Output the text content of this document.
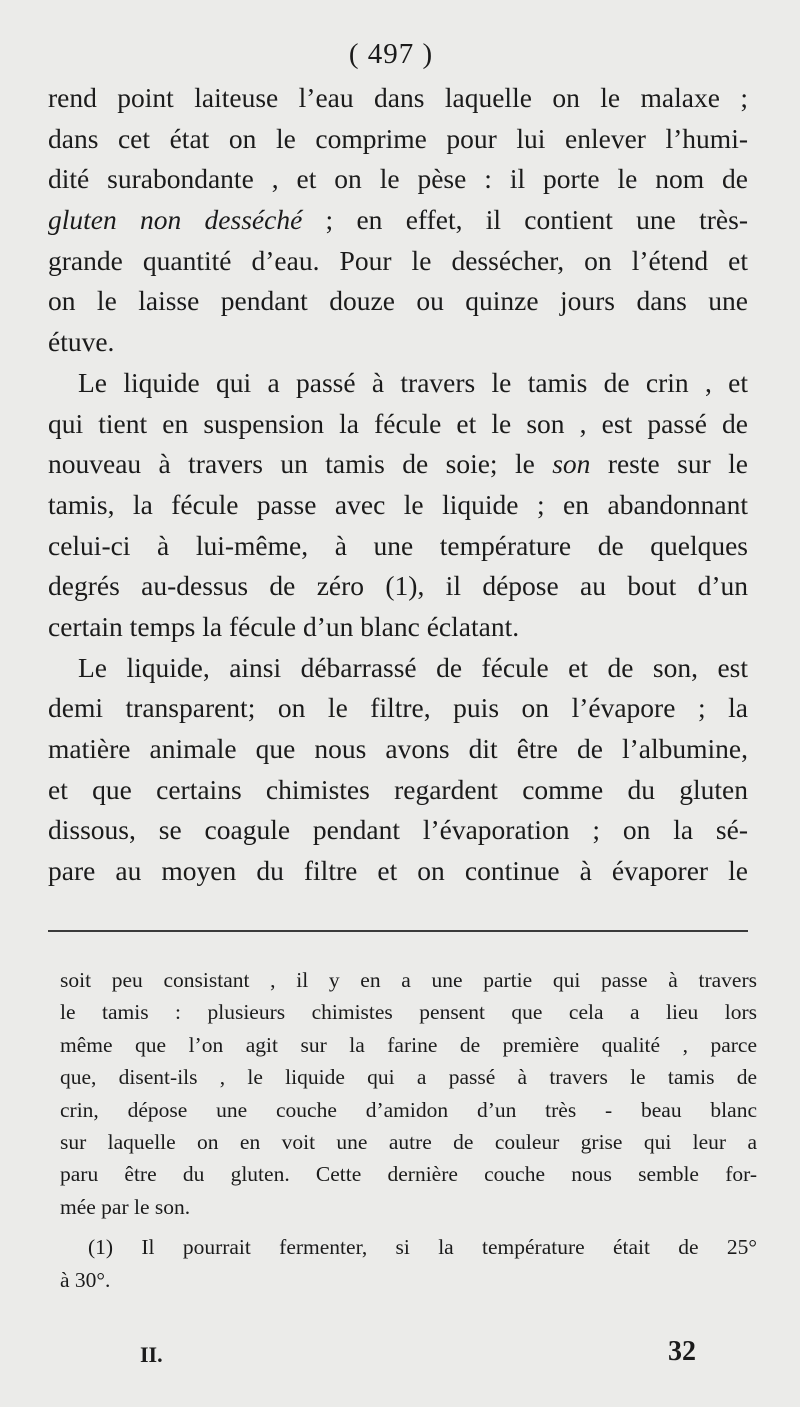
( 497 )
rend point laiteuse l’eau dans laquelle on le malaxe ;
dans cet état on le comprime pour lui enlever l’humi-
dité surabondante , et on le pèse : il porte le nom de
gluten non desséché ; en effet, il contient une très-
grande quantité d’eau. Pour le dessécher, on l’étend et
on le laisse pendant douze ou quinze jours dans une
étuve.
Le liquide qui a passé à travers le tamis de crin , et
qui tient en suspension la fécule et le son , est passé de
nouveau à travers un tamis de soie; le son reste sur le
tamis, la fécule passe avec le liquide ; en abandonnant
celui-ci à lui-même, à une température de quelques
degrés au-dessus de zéro (1), il dépose au bout d’un
certain temps la fécule d’un blanc éclatant.
Le liquide, ainsi débarrassé de fécule et de son, est
demi transparent; on le filtre, puis on l’évapore ; la
matière animale que nous avons dit être de l’albumine,
et que certains chimistes regardent comme du gluten
dissous, se coagule pendant l’évaporation ; on la sé-
pare au moyen du filtre et on continue à évaporer le
soit peu consistant , il y en a une partie qui passe à travers
le tamis : plusieurs chimistes pensent que cela a lieu lors
même que l’on agit sur la farine de première qualité , parce
que, disent-ils , le liquide qui a passé à travers le tamis de
crin, dépose une couche d’amidon d’un très - beau blanc
sur laquelle on en voit une autre de couleur grise qui leur a
paru être du gluten. Cette dernière couche nous semble for-
mée par le son.
(1) Il pourrait fermenter, si la température était de 25°
à 30°.
II.	32
